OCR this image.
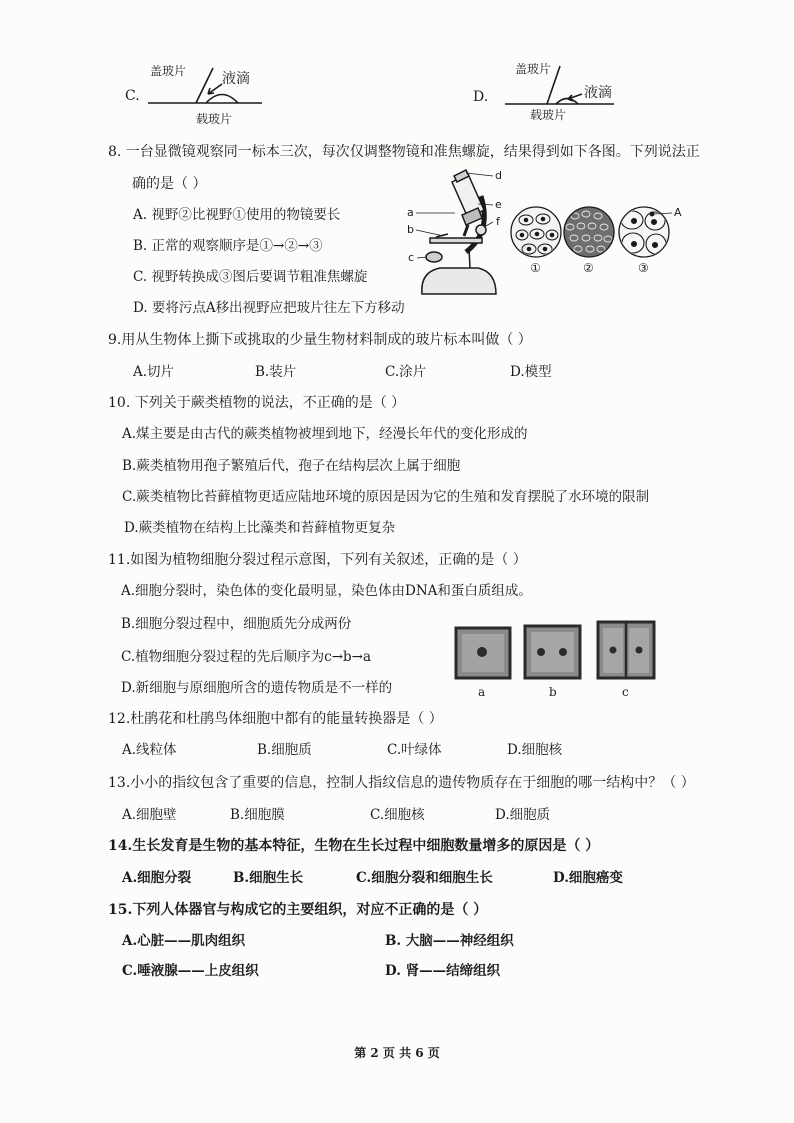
C.
盖玻片	液滴
载玻片
D.
盖玻片
液滴
载玻片
8. 一台显微镜观察同一标本三次，每次仅调整物镜和准焦螺旋，结果得到如下各图。下列说法正
确的是（ ）
A. 视野②比视野①使用的物镜要长
B. 正常的观察顺序是①→②→③
C. 视野转换成③图后要调节粗准焦螺旋
D. 要将污点A移出视野应把玻片往左下方移动
a
b
c
d
e
f
①	②	③
A
9.用从生物体上撕下或挑取的少量生物材料制成的玻片标本叫做（ ）
A.切片	B.装片	C.涂片	D.模型
10. 下列关于蕨类植物的说法，不正确的是（ ）
A.煤主要是由古代的蕨类植物被埋到地下，经漫长年代的变化形成的
B.蕨类植物用孢子繁殖后代，孢子在结构层次上属于细胞
C.蕨类植物比苔藓植物更适应陆地环境的原因是因为它的生殖和发育摆脱了水环境的限制
D.蕨类植物在结构上比藻类和苔藓植物更复杂
11.如图为植物细胞分裂过程示意图，下列有关叙述，正确的是（ ）
A.细胞分裂时，染色体的变化最明显，染色体由DNA和蛋白质组成。
B.细胞分裂过程中，细胞质先分成两份
C.植物细胞分裂过程的先后顺序为c→b→a
D.新细胞与原细胞所含的遗传物质是不一样的	a	b	c
12.杜鹃花和杜鹃鸟体细胞中都有的能量转换器是（ ）
A.线粒体	B.细胞质	C.叶绿体	D.细胞核
13.小小的指纹包含了重要的信息，控制人指纹信息的遗传物质存在于细胞的哪一结构中？（ ）
A.细胞壁	B.细胞膜	C.细胞核	D.细胞质
14.生长发育是生物的基本特征，生物在生长过程中细胞数量增多的原因是（ ）
A.细胞分裂	B.细胞生长	C.细胞分裂和细胞生长	D.细胞癌变
15.下列人体器官与构成它的主要组织，对应不正确的是（ ）
A.心脏——肌肉组织	B. 大脑——神经组织
C.唾液腺——上皮组织	D. 肾——结缔组织
第 2 页 共 6 页
